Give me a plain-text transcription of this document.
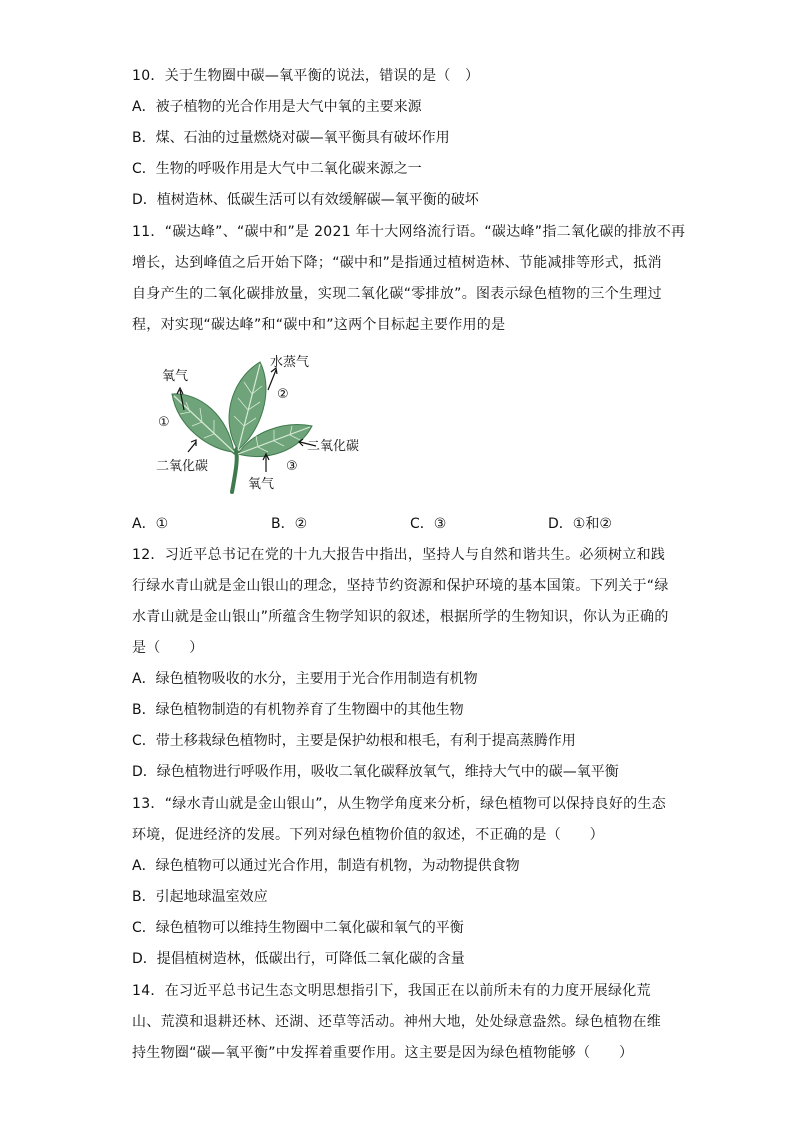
10．关于生物圈中碳—氧平衡的说法，错误的是（　）
A．被子植物的光合作用是大气中氧的主要来源
B．煤、石油的过量燃烧对碳—氧平衡具有破坏作用
C．生物的呼吸作用是大气中二氧化碳来源之一
D．植树造林、低碳生活可以有效缓解碳—氧平衡的破坏
11．“碳达峰”、“碳中和”是 2021 年十大网络流行语。“碳达峰”指二氧化碳的排放不再
增长，达到峰值之后开始下降；“碳中和”是指通过植树造林、节能减排等形式，抵消
自身产生的二氧化碳排放量，实现二氧化碳“零排放”。图表示绿色植物的三个生理过
程，对实现“碳达峰”和“碳中和”这两个目标起主要作用的是
氧气
水蒸气
二氧化碳
二氧化碳
氧气
①
②
③
A．①	B．②	C．③	D．①和②
12．习近平总书记在党的十九大报告中指出，坚持人与自然和谐共生。必须树立和践
行绿水青山就是金山银山的理念，坚持节约资源和保护环境的基本国策。下列关于“绿
水青山就是金山银山”所蕴含生物学知识的叙述，根据所学的生物知识，你认为正确的
是（　　）
A．绿色植物吸收的水分，主要用于光合作用制造有机物
B．绿色植物制造的有机物养育了生物圈中的其他生物
C．带土移栽绿色植物时，主要是保护幼根和根毛，有利于提高蒸腾作用
D．绿色植物进行呼吸作用，吸收二氧化碳释放氧气，维持大气中的碳—氧平衡
13．“绿水青山就是金山银山”，从生物学角度来分析，绿色植物可以保持良好的生态
环境，促进经济的发展。下列对绿色植物价值的叙述，不正确的是（　　）
A．绿色植物可以通过光合作用，制造有机物，为动物提供食物
B．引起地球温室效应
C．绿色植物可以维持生物圈中二氧化碳和氧气的平衡
D．提倡植树造林，低碳出行，可降低二氧化碳的含量
14．在习近平总书记生态文明思想指引下，我国正在以前所未有的力度开展绿化荒
山、荒漠和退耕还林、还湖、还草等活动。神州大地，处处绿意盎然。绿色植物在维
持生物圈“碳—氧平衡”中发挥着重要作用。这主要是因为绿色植物能够（　　）
